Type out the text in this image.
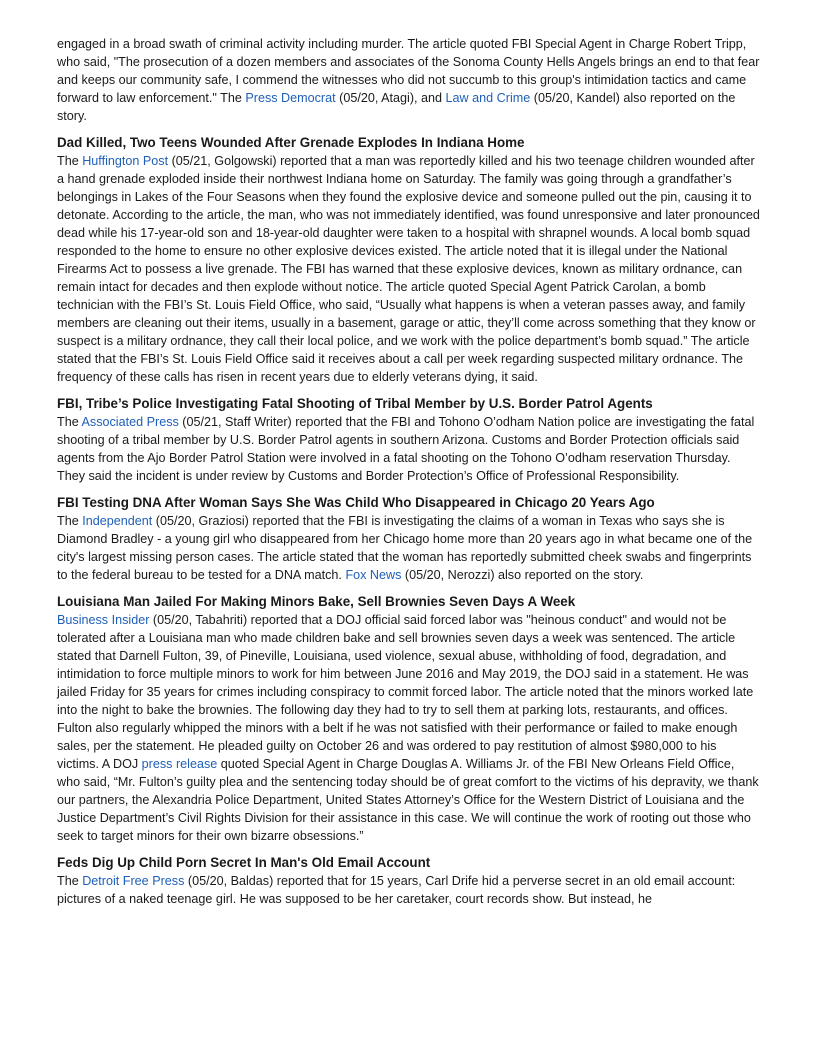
engaged in a broad swath of criminal activity including murder. The article quoted FBI Special Agent in Charge Robert Tripp, who said, "The prosecution of a dozen members and associates of the Sonoma County Hells Angels brings an end to that fear and keeps our community safe, I commend the witnesses who did not succumb to this group's intimidation tactics and came forward to law enforcement." The Press Democrat (05/20, Atagi), and Law and Crime (05/20, Kandel) also reported on the story.

Dad Killed, Two Teens Wounded After Grenade Explodes In Indiana Home

The Huffington Post (05/21, Golgowski) reported that a man was reportedly killed and his two teenage children wounded after a hand grenade exploded inside their northwest Indiana home on Saturday. The family was going through a grandfather’s belongings in Lakes of the Four Seasons when they found the explosive device and someone pulled out the pin, causing it to detonate. According to the article, the man, who was not immediately identified, was found unresponsive and later pronounced dead while his 17-year-old son and 18-year-old daughter were taken to a hospital with shrapnel wounds. A local bomb squad responded to the home to ensure no other explosive devices existed. The article noted that it is illegal under the National Firearms Act to possess a live grenade. The FBI has warned that these explosive devices, known as military ordnance, can remain intact for decades and then explode without notice. The article quoted Special Agent Patrick Carolan, a bomb technician with the FBI’s St. Louis Field Office, who said, “Usually what happens is when a veteran passes away, and family members are cleaning out their items, usually in a basement, garage or attic, they’ll come across something that they know or suspect is a military ordnance, they call their local police, and we work with the police department’s bomb squad.” The article stated that the FBI’s St. Louis Field Office said it receives about a call per week regarding suspected military ordnance. The frequency of these calls has risen in recent years due to elderly veterans dying, it said.

FBI, Tribe’s Police Investigating Fatal Shooting of Tribal Member by U.S. Border Patrol Agents

The Associated Press (05/21, Staff Writer) reported that the FBI and Tohono O’odham Nation police are investigating the fatal shooting of a tribal member by U.S. Border Patrol agents in southern Arizona. Customs and Border Protection officials said agents from the Ajo Border Patrol Station were involved in a fatal shooting on the Tohono O’odham reservation Thursday. They said the incident is under review by Customs and Border Protection’s Office of Professional Responsibility.

FBI Testing DNA After Woman Says She Was Child Who Disappeared in Chicago 20 Years Ago

The Independent (05/20, Graziosi) reported that the FBI is investigating the claims of a woman in Texas who says she is Diamond Bradley - a young girl who disappeared from her Chicago home more than 20 years ago in what became one of the city's largest missing person cases. The article stated that the woman has reportedly submitted cheek swabs and fingerprints to the federal bureau to be tested for a DNA match. Fox News (05/20, Nerozzi) also reported on the story.

Louisiana Man Jailed For Making Minors Bake, Sell Brownies Seven Days A Week

Business Insider (05/20, Tabahriti) reported that a DOJ official said forced labor was "heinous conduct" and would not be tolerated after a Louisiana man who made children bake and sell brownies seven days a week was sentenced. The article stated that Darnell Fulton, 39, of Pineville, Louisiana, used violence, sexual abuse, withholding of food, degradation, and intimidation to force multiple minors to work for him between June 2016 and May 2019, the DOJ said in a statement. He was jailed Friday for 35 years for crimes including conspiracy to commit forced labor. The article noted that the minors worked late into the night to bake the brownies. The following day they had to try to sell them at parking lots, restaurants, and offices. Fulton also regularly whipped the minors with a belt if he was not satisfied with their performance or failed to make enough sales, per the statement. He pleaded guilty on October 26 and was ordered to pay restitution of almost $980,000 to his victims. A DOJ press release quoted Special Agent in Charge Douglas A. Williams Jr. of the FBI New Orleans Field Office, who said, “Mr. Fulton’s guilty plea and the sentencing today should be of great comfort to the victims of his depravity, we thank our partners, the Alexandria Police Department, United States Attorney’s Office for the Western District of Louisiana and the Justice Department’s Civil Rights Division for their assistance in this case. We will continue the work of rooting out those who seek to target minors for their own bizarre obsessions.”

Feds Dig Up Child Porn Secret In Man's Old Email Account

The Detroit Free Press (05/20, Baldas) reported that for 15 years, Carl Drife hid a perverse secret in an old email account: pictures of a naked teenage girl. He was supposed to be her caretaker, court records show. But instead, he
